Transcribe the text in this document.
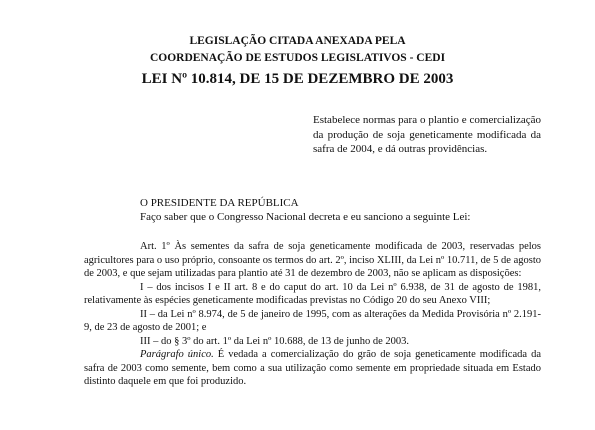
LEGISLAÇÃO CITADA ANEXADA PELA
COORDENAÇÃO DE ESTUDOS LEGISLATIVOS - CEDI
LEI Nº 10.814, DE 15 DE DEZEMBRO DE 2003
Estabelece normas para o plantio e comercialização da produção de soja geneticamente modificada da safra de 2004, e dá outras providências.
O PRESIDENTE DA REPÚBLICA
Faço saber que o Congresso Nacional decreta e eu sanciono a seguinte Lei:

Art. 1º Às sementes da safra de soja geneticamente modificada de 2003, reservadas pelos agricultores para o uso próprio, consoante os termos do art. 2º, inciso XLIII, da Lei nº 10.711, de 5 de agosto de 2003, e que sejam utilizadas para plantio até 31 de dezembro de 2003, não se aplicam as disposições:

I – dos incisos I e II art. 8 e do caput do art. 10 da Lei nº 6.938, de 31 de agosto de 1981, relativamente às espécies geneticamente modificadas previstas no Código 20 do seu Anexo VIII;

II – da Lei nº 8.974, de 5 de janeiro de 1995, com as alterações da Medida Provisória nº 2.191-9, de 23 de agosto de 2001; e

III – do § 3º do art. 1º da Lei nº 10.688, de 13 de junho de 2003.

Parágrafo único. É vedada a comercialização do grão de soja geneticamente modificada da safra de 2003 como semente, bem como a sua utilização como semente em propriedade situada em Estado distinto daquele em que foi produzido.
